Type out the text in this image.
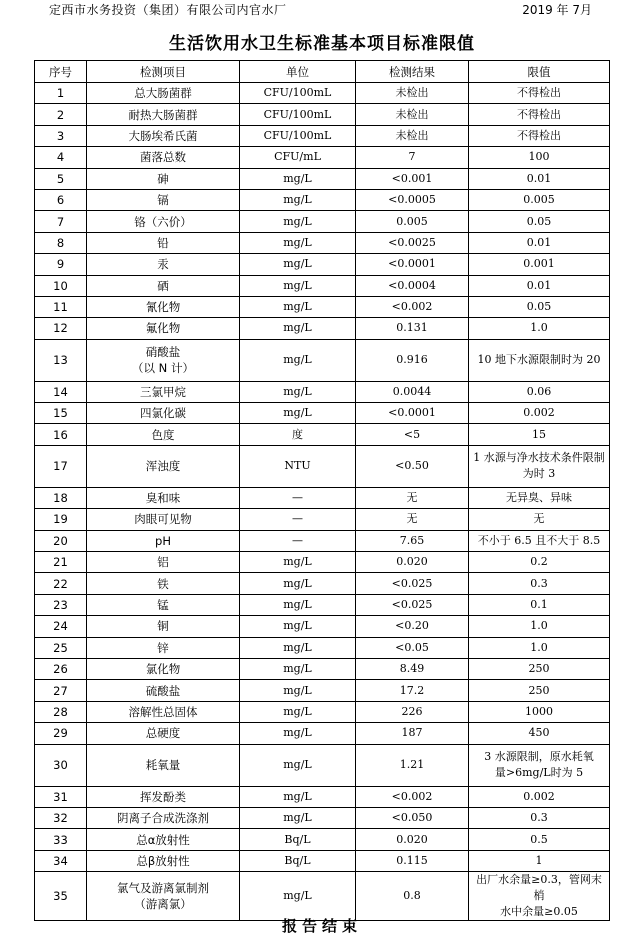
定西市水务投资（集团）有限公司内官水厂	2019 年 7月
生活饮用水卫生标准基本项目标准限值
序号	检测项目	单位	检测结果	限值
1	总大肠菌群	CFU/100mL	未检出	不得检出
2	耐热大肠菌群	CFU/100mL	未检出	不得检出
3	大肠埃希氏菌	CFU/100mL	未检出	不得检出
4	菌落总数	CFU/mL	7	100
5	砷	mg/L	<0.001	0.01
6	镉	mg/L	<0.0005	0.005
7	铬（六价）	mg/L	0.005	0.05
8	铅	mg/L	<0.0025	0.01
9	汞	mg/L	<0.0001	0.001
10	硒	mg/L	<0.0004	0.01
11	氰化物	mg/L	<0.002	0.05
12	氟化物	mg/L	0.131	1.0
13	硝酸盐
（以 N 计）	mg/L	0.916	10 地下水源限制时为 20
14	三氯甲烷	mg/L	0.0044	0.06
15	四氯化碳	mg/L	<0.0001	0.002
16	色度	度	<5	15
17	浑浊度	NTU	<0.50	1 水源与净水技术条件限制
为时 3
18	臭和味	—	无	无异臭、异味
19	肉眼可见物	—	无	无
20	pH	—	7.65	不小于 6.5 且不大于 8.5
21	铝	mg/L	0.020	0.2
22	铁	mg/L	<0.025	0.3
23	锰	mg/L	<0.025	0.1
24	铜	mg/L	<0.20	1.0
25	锌	mg/L	<0.05	1.0
26	氯化物	mg/L	8.49	250
27	硫酸盐	mg/L	17.2	250
28	溶解性总固体	mg/L	226	1000
29	总硬度	mg/L	187	450
30	耗氧量	mg/L	1.21	3 水源限制，原水耗氧
量>6mg/L时为 5
31	挥发酚类	mg/L	<0.002	0.002
32	阴离子合成洗涤剂	mg/L	<0.050	0.3
33	总α放射性	Bq/L	0.020	0.5
34	总β放射性	Bq/L	0.115	1
35	氯气及游离氯制剂
（游离氯）	mg/L	0.8	出厂水余量≥0.3，管网末梢
水中余量≥0.05
报告结束
